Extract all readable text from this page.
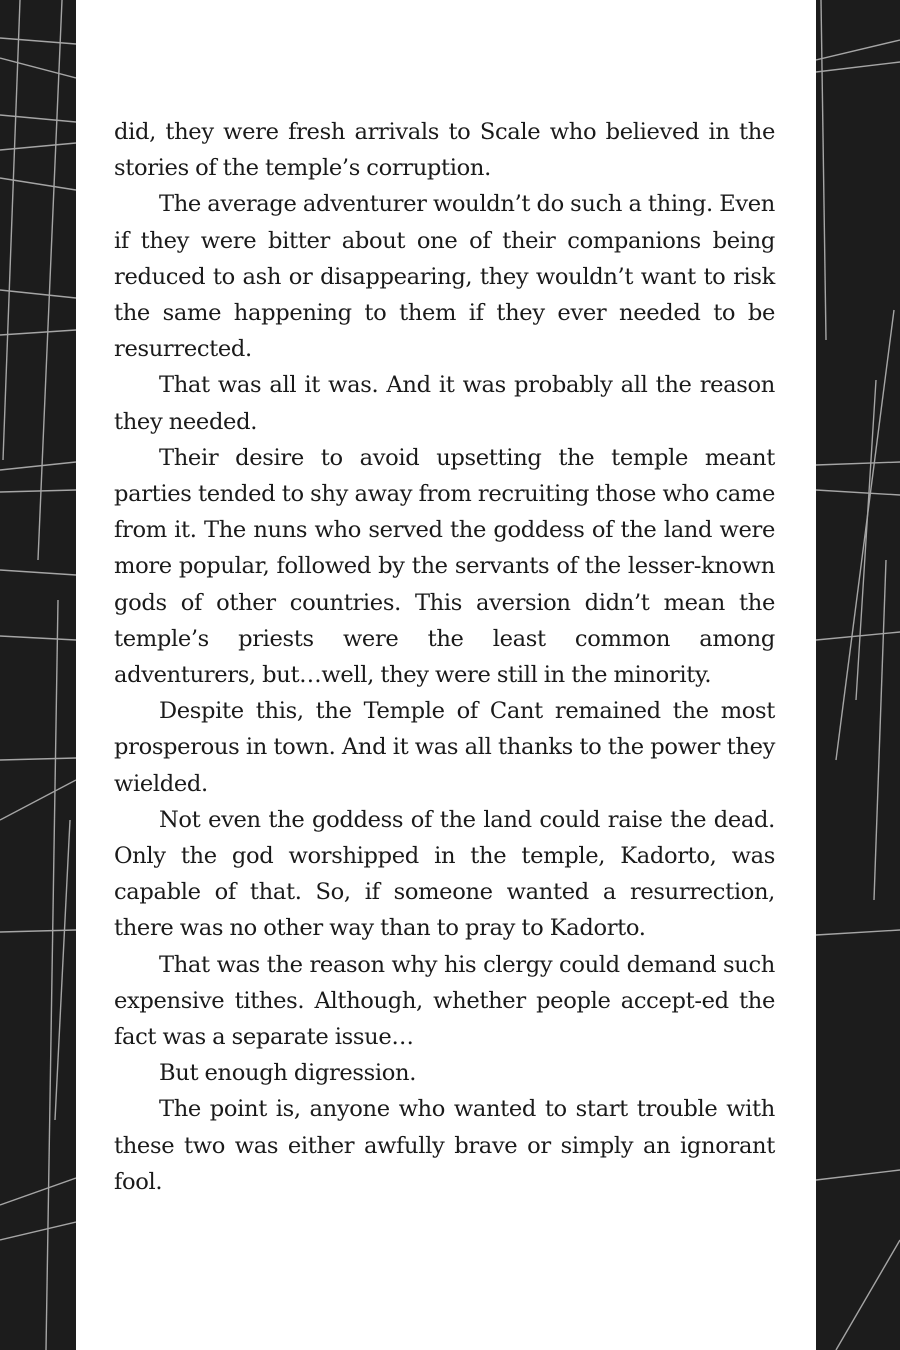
did, they were fresh arrivals to Scale who believed in the stories of the temple’s corruption.

The average adventurer wouldn’t do such a thing. Even if they were bitter about one of their companions being reduced to ash or disappearing, they wouldn’t want to risk the same happening to them if they ever needed to be resurrected.

That was all it was. And it was probably all the reason they needed.

Their desire to avoid upsetting the temple meant parties tended to shy away from recruiting those who came from it. The nuns who served the goddess of the land were more popular, followed by the servants of the lesser-known gods of other countries. This aversion didn’t mean the temple’s priests were the least common among adventurers, but…well, they were still in the minority.

Despite this, the Temple of Cant remained the most prosperous in town. And it was all thanks to the power they wielded.

Not even the goddess of the land could raise the dead. Only the god worshipped in the temple, Kadorto, was capable of that. So, if someone wanted a resurrection, there was no other way than to pray to Kadorto.

That was the reason why his clergy could demand such expensive tithes. Although, whether people accept-ed the fact was a separate issue…

But enough digression.

The point is, anyone who wanted to start trouble with these two was either awfully brave or simply an ignorant fool.
